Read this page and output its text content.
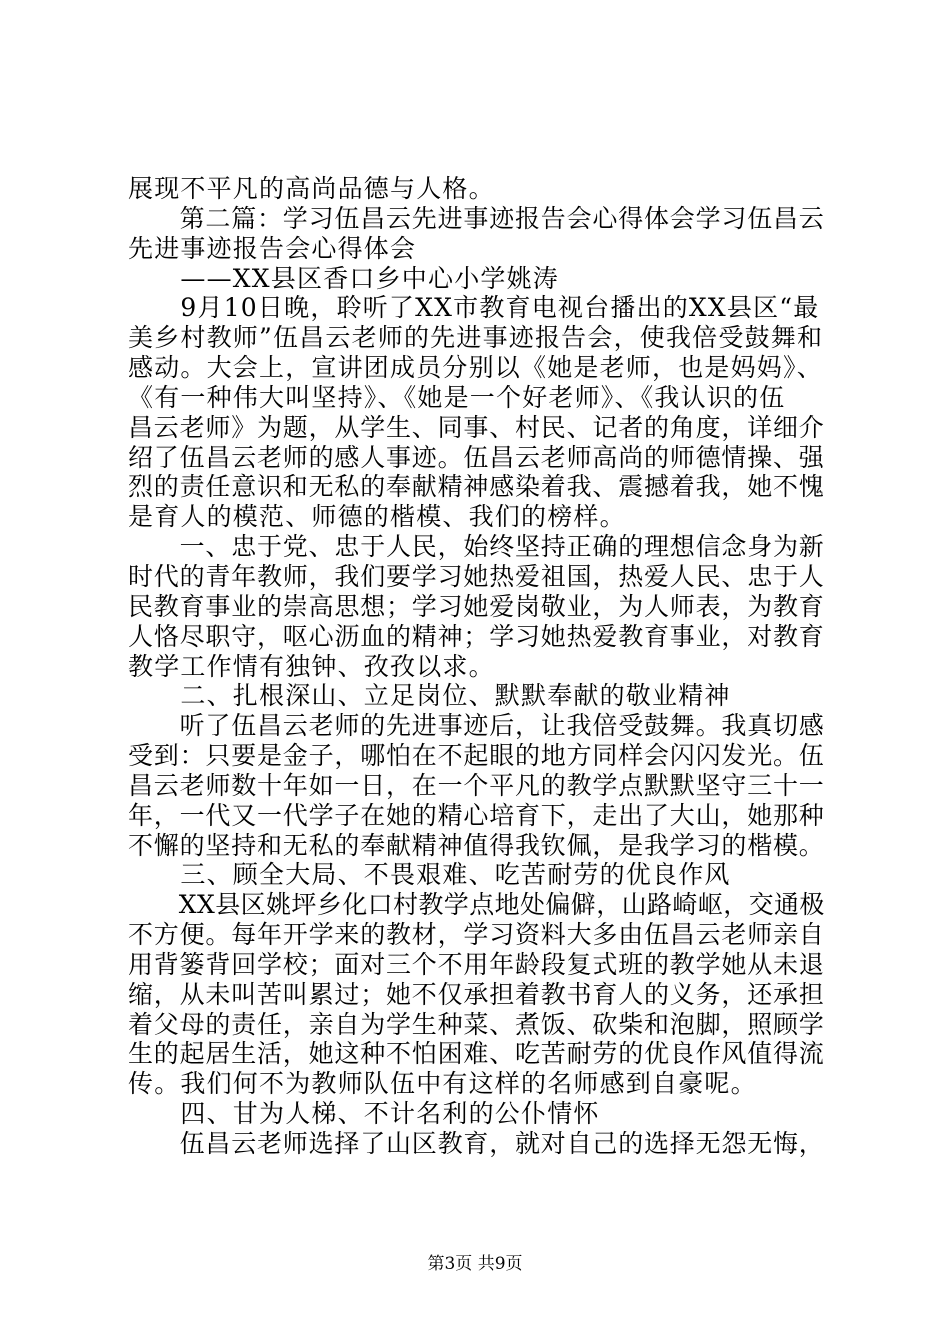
展现不平凡的高尚品德与人格。
　　第二篇：学习伍昌云先进事迹报告会心得体会学习伍昌云
先进事迹报告会心得体会
　　——XX县区香口乡中心小学姚涛
　　9月10日晚，聆听了XX市教育电视台播出的XX县区“最
美乡村教师”伍昌云老师的先进事迹报告会，使我倍受鼓舞和
感动。大会上，宣讲团成员分别以《她是老师，也是妈妈》、
《有一种伟大叫坚持》、《她是一个好老师》、《我认识的伍
昌云老师》为题，从学生、同事、村民、记者的角度，详细介
绍了伍昌云老师的感人事迹。伍昌云老师高尚的师德情操、强
烈的责任意识和无私的奉献精神感染着我、震撼着我，她不愧
是育人的模范、师德的楷模、我们的榜样。
　　一、忠于党、忠于人民，始终坚持正确的理想信念身为新
时代的青年教师，我们要学习她热爱祖国，热爱人民、忠于人
民教育事业的崇高思想；学习她爱岗敬业，为人师表，为教育
人恪尽职守，呕心沥血的精神；学习她热爱教育事业，对教育
教学工作情有独钟、孜孜以求。
　　二、扎根深山、立足岗位、默默奉献的敬业精神
　　听了伍昌云老师的先进事迹后，让我倍受鼓舞。我真切感
受到：只要是金子，哪怕在不起眼的地方同样会闪闪发光。伍
昌云老师数十年如一日，在一个平凡的教学点默默坚守三十一
年，一代又一代学子在她的精心培育下，走出了大山，她那种
不懈的坚持和无私的奉献精神值得我钦佩，是我学习的楷模。
　　三、顾全大局、不畏艰难、吃苦耐劳的优良作风
　　XX县区姚坪乡化口村教学点地处偏僻，山路崎岖，交通极
不方便。每年开学来的教材，学习资料大多由伍昌云老师亲自
用背篓背回学校；面对三个不用年龄段复式班的教学她从未退
缩，从未叫苦叫累过；她不仅承担着教书育人的义务，还承担
着父母的责任，亲自为学生种菜、煮饭、砍柴和泡脚，照顾学
生的起居生活，她这种不怕困难、吃苦耐劳的优良作风值得流
传。我们何不为教师队伍中有这样的名师感到自豪呢。
　　四、甘为人梯、不计名利的公仆情怀
　　伍昌云老师选择了山区教育，就对自己的选择无怨无悔，
第3页 共9页
